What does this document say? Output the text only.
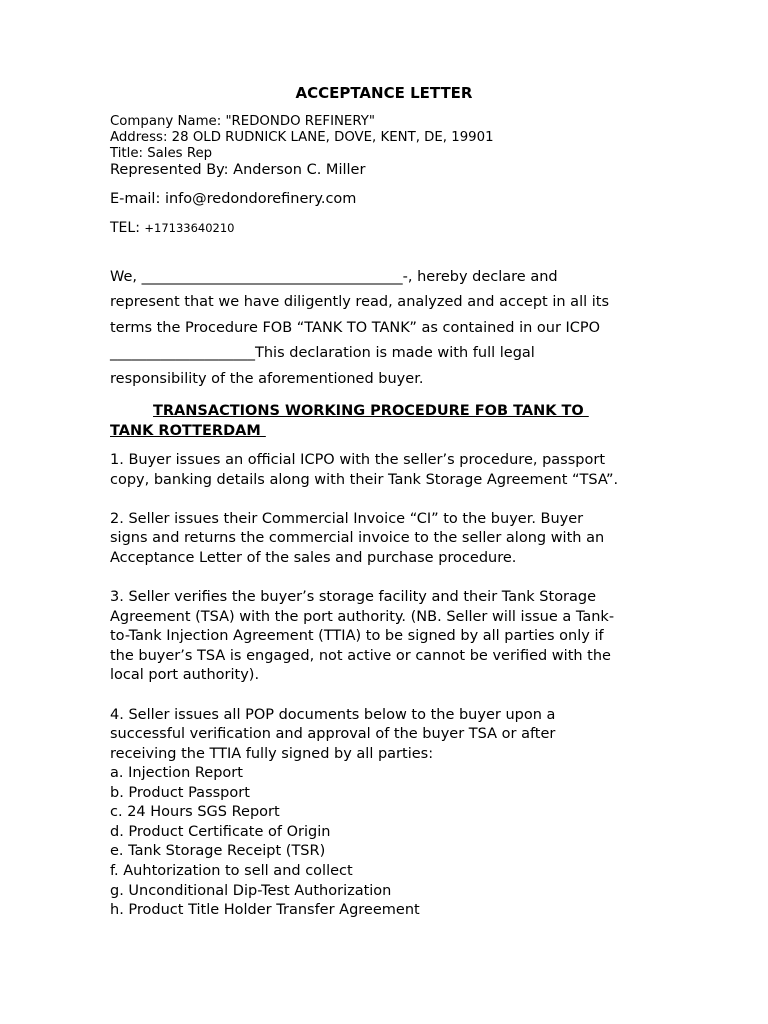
ACCEPTANCE LETTER
Company Name: "REDONDO REFINERY"
Address: 28 OLD RUDNICK LANE, DOVE, KENT, DE, 19901
Title: Sales Rep
Represented By: Anderson C. Miller
E-mail: info@redondorefinery.com
TEL: +17133640210
We, ____________________________________-, hereby declare and
represent that we have diligently read, analyzed and accept in all its
terms the Procedure FOB “TANK TO TANK” as contained in our ICPO
____________________This declaration is made with full legal
responsibility of the aforementioned buyer.
TRANSACTIONS WORKING PROCEDURE FOB TANK TO
TANK ROTTERDAM
1. Buyer issues an official ICPO with the seller’s procedure, passport
copy, banking details along with their Tank Storage Agreement “TSA”.
2. Seller issues their Commercial Invoice “CI” to the buyer. Buyer
signs and returns the commercial invoice to the seller along with an
Acceptance Letter of the sales and purchase procedure.
3. Seller verifies the buyer’s storage facility and their Tank Storage
Agreement (TSA) with the port authority. (NB. Seller will issue a Tank-
to-Tank Injection Agreement (TTIA) to be signed by all parties only if
the buyer’s TSA is engaged, not active or cannot be verified with the
local port authority).
4. Seller issues all POP documents below to the buyer upon a
successful verification and approval of the buyer TSA or after
receiving the TTIA fully signed by all parties:
a. Injection Report
b. Product Passport
c. 24 Hours SGS Report
d. Product Certificate of Origin
e. Tank Storage Receipt (TSR)
f. Auhtorization to sell and collect
g. Unconditional Dip-Test Authorization
h. Product Title Holder Transfer Agreement
